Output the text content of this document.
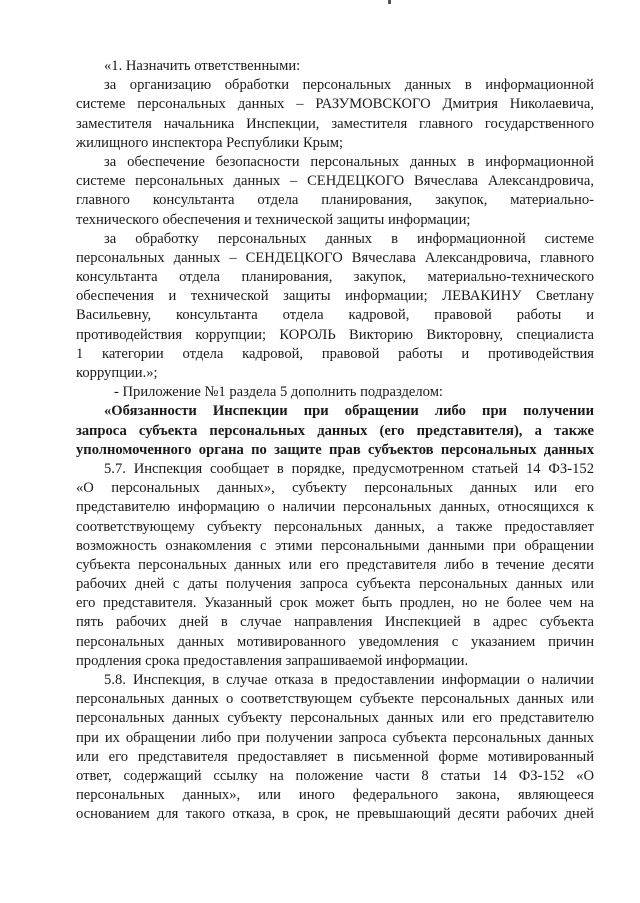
«1. Назначить ответственными:
за организацию обработки персональных данных в информационной
системе персональных данных – РАЗУМОВСКОГО Дмитрия Николаевича,
заместителя начальника Инспекции, заместителя главного государственного
жилищного инспектора Республики Крым;
за обеспечение безопасности персональных данных в информационной
системе персональных данных – СЕНДЕЦКОГО Вячеслава Александровича,
главного консультанта отдела планирования, закупок, материально-
технического обеспечения и технической защиты информации;
за обработку персональных данных в информационной системе
персональных данных – СЕНДЕЦКОГО Вячеслава Александровича, главного
консультанта отдела планирования, закупок, материально-технического
обеспечения и технической защиты информации; ЛЕВАКИНУ Светлану
Васильевну, консультанта отдела кадровой, правовой работы и
противодействия коррупции; КОРОЛЬ Викторию Викторовну, специалиста
1 категории отдела кадровой, правовой работы и противодействия
коррупции.»;
- Приложение №1 раздела 5 дополнить подразделом:
«Обязанности Инспекции при обращении либо при получении
запроса субъекта персональных данных (его представителя), а также
уполномоченного органа по защите прав субъектов персональных данных
5.7. Инспекция сообщает в порядке, предусмотренном статьей 14 ФЗ-152
«О персональных данных», субъекту персональных данных или его
представителю информацию о наличии персональных данных, относящихся к
соответствующему субъекту персональных данных, а также предоставляет
возможность ознакомления с этими персональными данными при обращении
субъекта персональных данных или его представителя либо в течение десяти
рабочих дней с даты получения запроса субъекта персональных данных или
его представителя. Указанный срок может быть продлен, но не более чем на
пять рабочих дней в случае направления Инспекцией в адрес субъекта
персональных данных мотивированного уведомления с указанием причин
продления срока предоставления запрашиваемой информации.
5.8. Инспекция, в случае отказа в предоставлении информации о наличии
персональных данных о соответствующем субъекте персональных данных или
персональных данных субъекту персональных данных или его представителю
при их обращении либо при получении запроса субъекта персональных данных
или его представителя предоставляет в письменной форме мотивированный
ответ, содержащий ссылку на положение части 8 статьи 14 ФЗ-152 «О
персональных данных», или иного федерального закона, являющееся
основанием для такого отказа, в срок, не превышающий десяти рабочих дней
